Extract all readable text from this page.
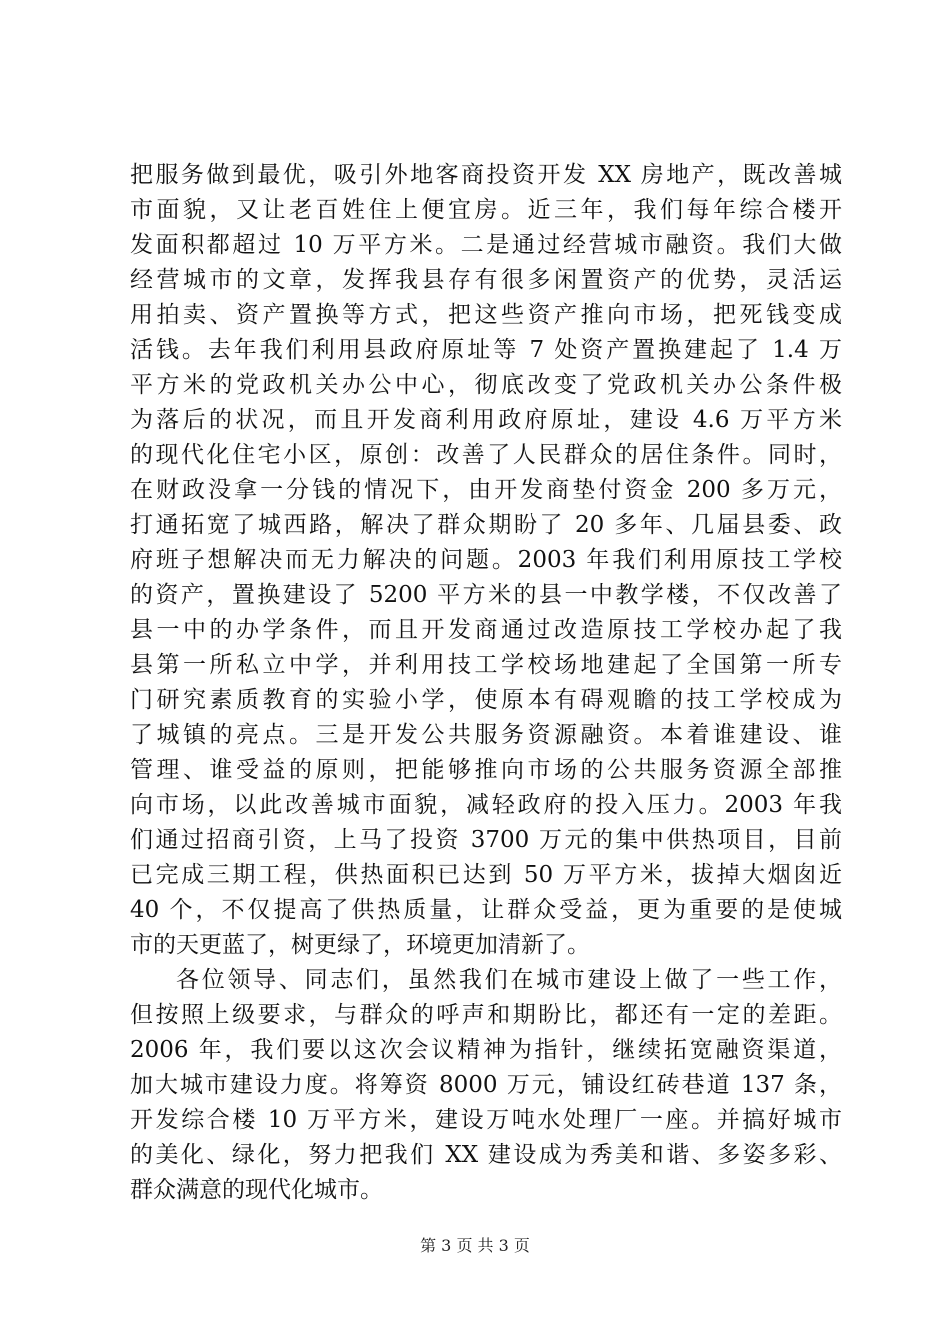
把服务做到最优，吸引外地客商投资开发 XX 房地产，既改善城
市面貌，又让老百姓住上便宜房。近三年，我们每年综合楼开
发面积都超过 10 万平方米。二是通过经营城市融资。我们大做
经营城市的文章，发挥我县存有很多闲置资产的优势，灵活运
用拍卖、资产置换等方式，把这些资产推向市场，把死钱变成
活钱。去年我们利用县政府原址等 7 处资产置换建起了 1.4 万
平方米的党政机关办公中心，彻底改变了党政机关办公条件极
为落后的状况，而且开发商利用政府原址，建设 4.6 万平方米
的现代化住宅小区，原创：改善了人民群众的居住条件。同时，
在财政没拿一分钱的情况下，由开发商垫付资金 200 多万元，
打通拓宽了城西路，解决了群众期盼了 20 多年、几届县委、政
府班子想解决而无力解决的问题。2003 年我们利用原技工学校
的资产，置换建设了 5200 平方米的县一中教学楼，不仅改善了
县一中的办学条件，而且开发商通过改造原技工学校办起了我
县第一所私立中学，并利用技工学校场地建起了全国第一所专
门研究素质教育的实验小学，使原本有碍观瞻的技工学校成为
了城镇的亮点。三是开发公共服务资源融资。本着谁建设、谁
管理、谁受益的原则，把能够推向市场的公共服务资源全部推
向市场，以此改善城市面貌，减轻政府的投入压力。2003 年我
们通过招商引资，上马了投资 3700 万元的集中供热项目，目前
已完成三期工程，供热面积已达到 50 万平方米，拔掉大烟囱近
40 个，不仅提高了供热质量，让群众受益，更为重要的是使城
市的天更蓝了，树更绿了，环境更加清新了。
各位领导、同志们，虽然我们在城市建设上做了一些工作，
但按照上级要求，与群众的呼声和期盼比，都还有一定的差距。
2006 年，我们要以这次会议精神为指针，继续拓宽融资渠道，
加大城市建设力度。将筹资 8000 万元，铺设红砖巷道 137 条，
开发综合楼 10 万平方米，建设万吨水处理厂一座。并搞好城市
的美化、绿化，努力把我们 XX 建设成为秀美和谐、多姿多彩、
群众满意的现代化城市。
第 3 页 共 3 页
